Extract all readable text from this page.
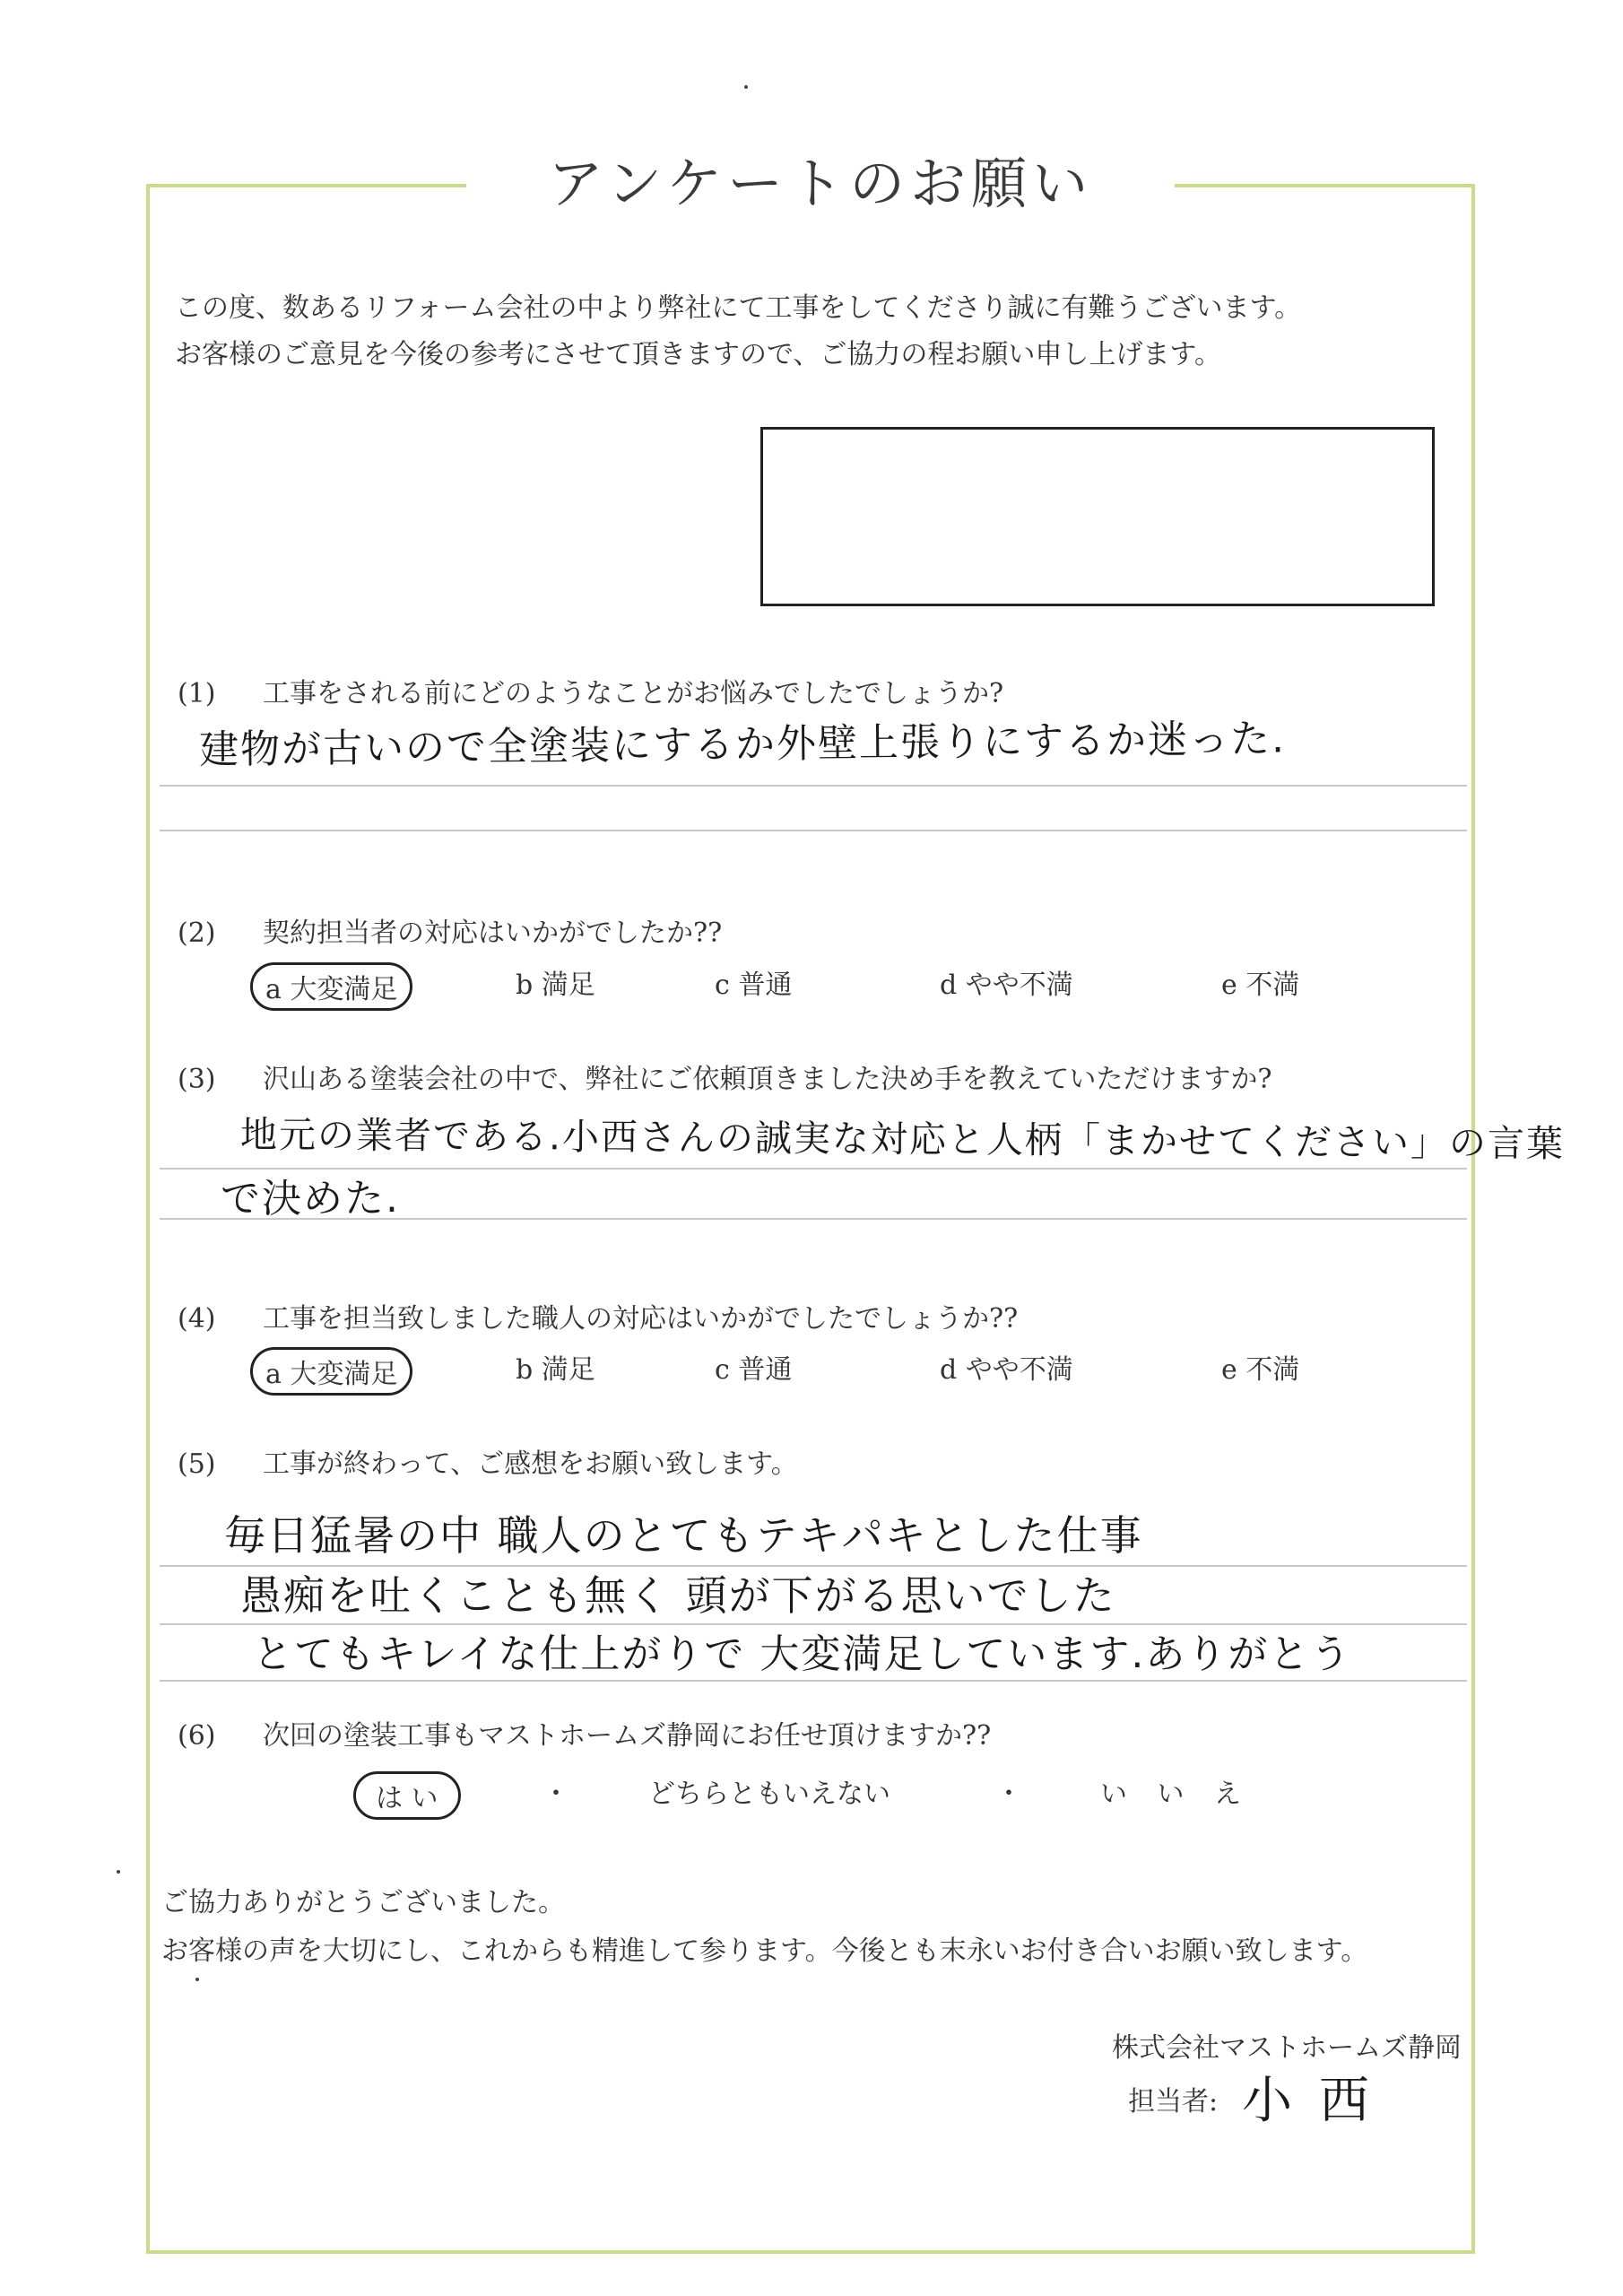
アンケートのお願い
この度、数あるリフォーム会社の中より弊社にて工事をしてくださり誠に有難うございます。
お客様のご意見を今後の参考にさせて頂きますので、ご協力の程お願い申し上げます。
(1) 工事をされる前にどのようなことがお悩みでしたでしょうか?
建物が古いので全塗装にするか外壁上張りにするか迷った.
(2) 契約担当者の対応はいかがでしたか??
a 大変満足	b 満足	c 普通	d やや不満	e 不満
(3) 沢山ある塗装会社の中で、弊社にご依頼頂きました決め手を教えていただけますか?
地元の業者である.小西さんの誠実な対応と人柄「まかせてください」の言葉
で決めた.
(4) 工事を担当致しました職人の対応はいかがでしたでしょうか??
a 大変満足	b 満足	c 普通	d やや不満	e 不満
(5) 工事が終わって、ご感想をお願い致します。
毎日猛暑の中 職人のとてもテキパキとした仕事
愚痴を吐くことも無く 頭が下がる思いでした
とてもキレイな仕上がりで 大変満足しています.ありがとう
(6) 次回の塗装工事もマストホームズ静岡にお任せ頂けますか??
は い	・	どちらともいえない	・	い い え
ご協力ありがとうございました。
お客様の声を大切にし、これからも精進して参ります。今後とも末永いお付き合いお願い致します。
株式会社マストホームズ静岡
担当者: 小西
